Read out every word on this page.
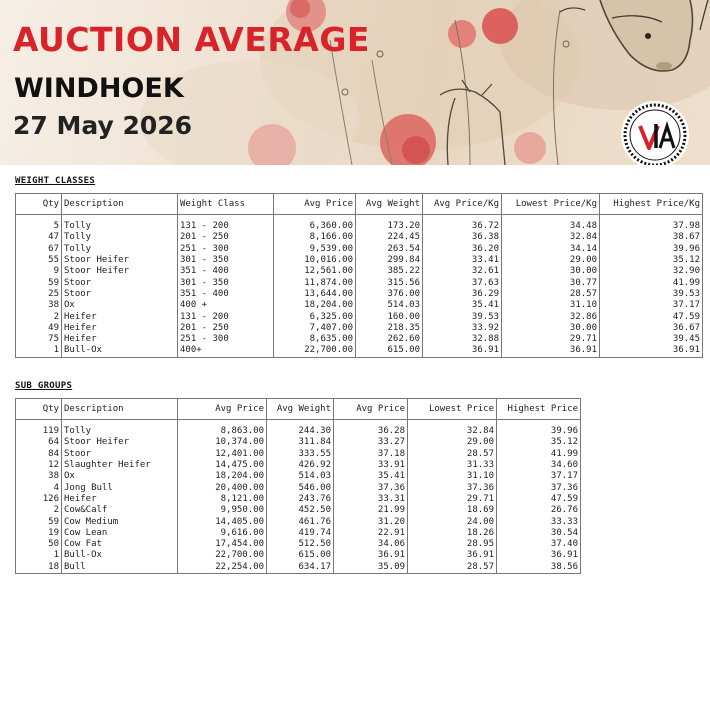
AUCTION AVERAGE
WINDHOEK
27 May 2026

WEIGHT CLASSES

Qty	Description	Weight Class	Avg Price	Avg Weight	Avg Price/Kg	Lowest Price/Kg	Highest Price/Kg
5	Tolly	131 - 200	6,360.00	173.20	36.72	34.48	37.98
47	Tolly	201 - 250	8,166.00	224.45	36.38	32.84	38.67
67	Tolly	251 - 300	9,539.00	263.54	36.20	34.14	39.96
55	Stoor Heifer	301 - 350	10,016.00	299.84	33.41	29.00	35.12
9	Stoor Heifer	351 - 400	12,561.00	385.22	32.61	30.00	32.90
59	Stoor	301 - 350	11,874.00	315.56	37.63	30.77	41.99
25	Stoor	351 - 400	13,644.00	376.00	36.29	28.57	39.53
38	Ox	400 +	18,204.00	514.03	35.41	31.10	37.17
2	Heifer	131 - 200	6,325.00	160.00	39.53	32.86	47.59
49	Heifer	201 - 250	7,407.00	218.35	33.92	30.00	36.67
75	Heifer	251 - 300	8,635.00	262.60	32.88	29.71	39.45
1	Bull-Ox	400+	22,700.00	615.00	36.91	36.91	36.91

SUB GROUPS

Qty	Description	Avg Price	Avg Weight	Avg Price	Lowest Price	Highest Price
119	Tolly	8,863.00	244.30	36.28	32.84	39.96
64	Stoor Heifer	10,374.00	311.84	33.27	29.00	35.12
84	Stoor	12,401.00	333.55	37.18	28.57	41.99
12	Slaughter Heifer	14,475.00	426.92	33.91	31.33	34.60
38	Ox	18,204.00	514.03	35.41	31.10	37.17
4	Jong Bull	20,400.00	546.00	37.36	37.36	37.36
126	Heifer	8,121.00	243.76	33.31	29.71	47.59
2	Cow&Calf	9,950.00	452.50	21.99	18.69	26.76
59	Cow Medium	14,405.00	461.76	31.20	24.00	33.33
19	Cow Lean	9,616.00	419.74	22.91	18.26	30.54
50	Cow Fat	17,454.00	512.50	34.06	28.95	37.40
1	Bull-Ox	22,700.00	615.00	36.91	36.91	36.91
18	Bull	22,254.00	634.17	35.09	28.57	38.56
